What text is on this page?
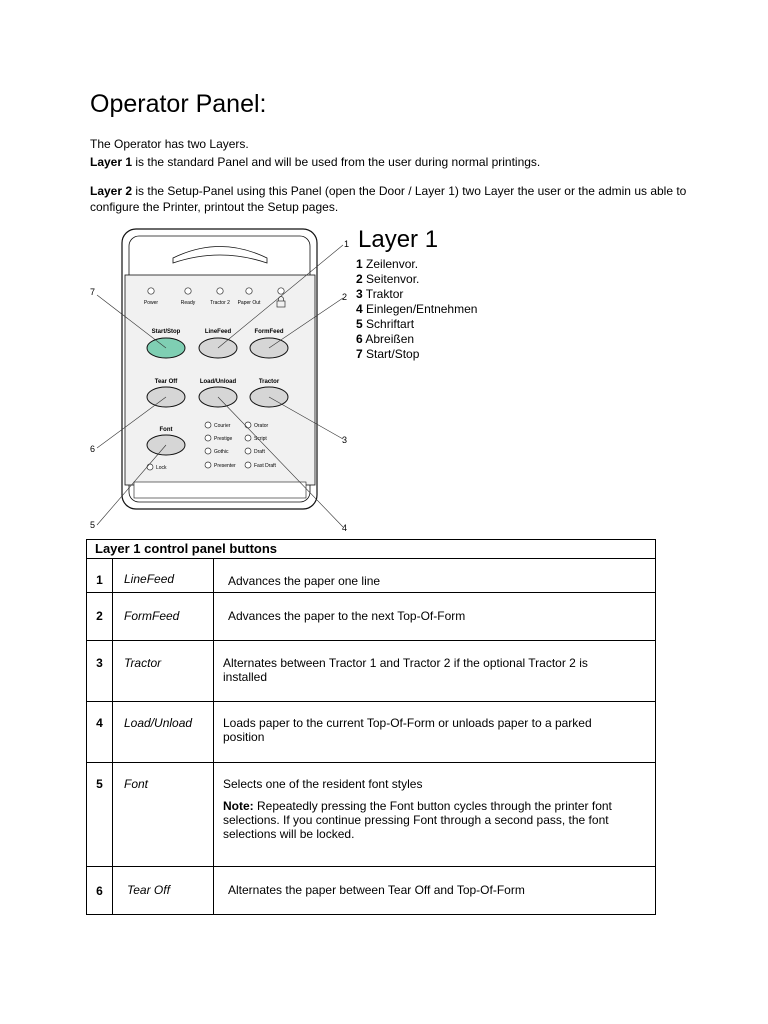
Operator Panel:

The Operator has two Layers.

Layer 1 is the standard Panel and will be used from the user during normal printings.

Layer 2 is the Setup-Panel using this Panel (open the Door / Layer 1) two Layer the user or the admin us able to configure the Printer, printout the Setup pages.

Power	Ready	Tractor 2 Paper Out
Start/Stop	LineFeed	FormFeed
Tear Off	Load/Unload	Tractor
Font
Lock
Courier	Orator
Prestige	Script
Gothic	Draft
Presenter	Fast Draft
1
2
3
4
5
6
7
Layer 1
1 Zeilenvor.
2 Seitenvor.
3 Traktor
4 Einlegen/Entnehmen
5 Schriftart
6 Abreißen
7 Start/Stop
Layer 1 control panel buttons		
1	LineFeed	Advances the paper one line
2	FormFeed	Advances the paper to the next Top-Of-Form
3	Tractor	Alternates between Tractor 1 and Tractor 2 if the optional Tractor 2 is installed
4	Load/Unload	Loads paper to the current Top-Of-Form or unloads paper to a parked position
5	Font	Selects one of the resident font styles
Note: Repeatedly pressing the Font button cycles through the printer font selections. If you continue pressing Font through a second pass, the font selections will be locked.

6	Tear Off	Alternates the paper between Tear Off and Top-Of-Form
